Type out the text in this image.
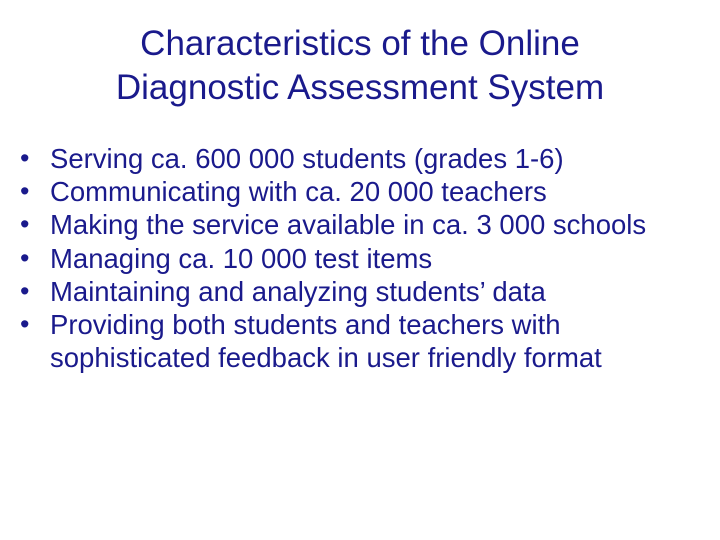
Characteristics of the Online
Diagnostic Assessment System
• Serving ca. 600 000 students (grades 1-6)
• Communicating with ca. 20 000 teachers
• Making the service available in ca. 3 000 schools
• Managing ca. 10 000 test items
• Maintaining and analyzing students’ data
• Providing both students and teachers with sophisticated feedback in user friendly format
